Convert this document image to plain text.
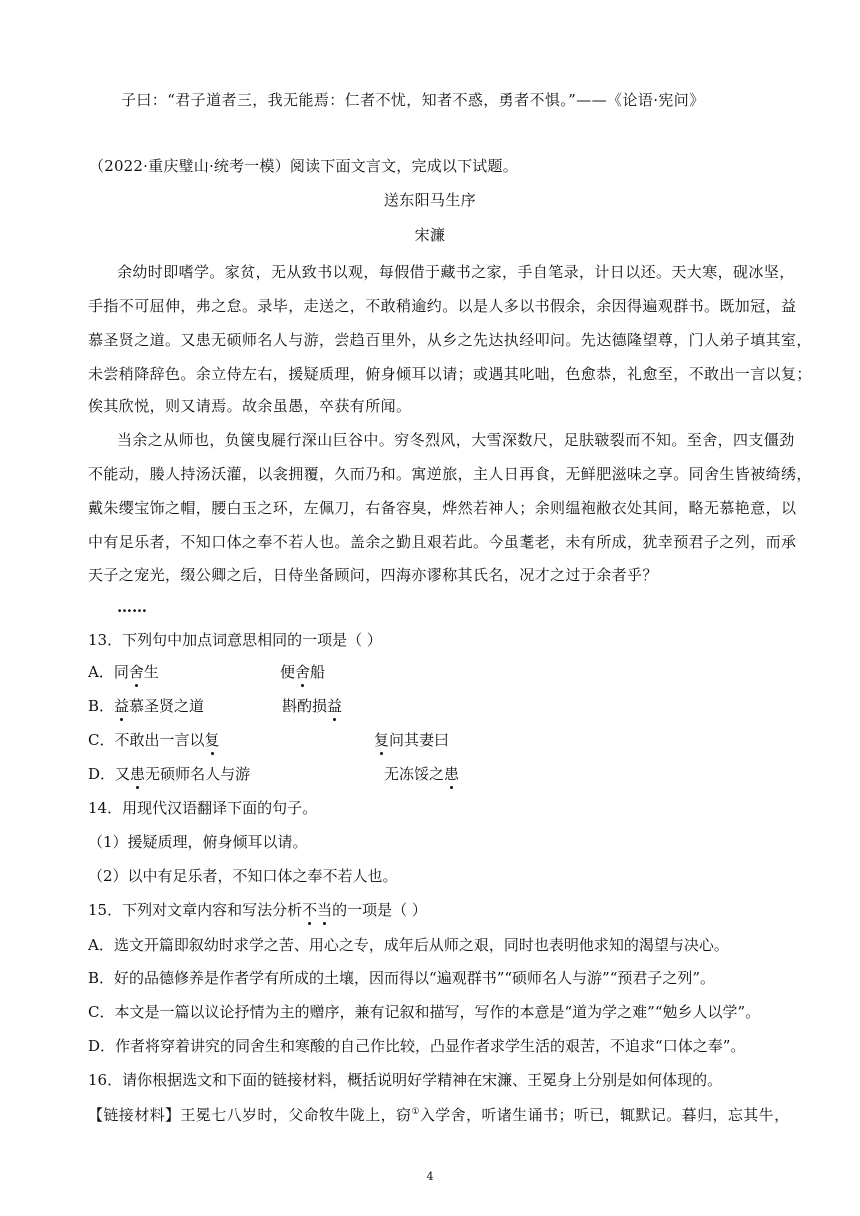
子曰：“君子道者三，我无能焉：仁者不忧，知者不惑，勇者不惧。”——《论语·宪问》
（2022·重庆璧山·统考一模）阅读下面文言文，完成以下试题。
送东阳马生序
宋濂
余幼时即嗜学。家贫，无从致书以观，每假借于藏书之家，手自笔录，计日以还。天大寒，砚冰坚，
手指不可屈伸，弗之怠。录毕，走送之，不敢稍逾约。以是人多以书假余，余因得遍观群书。既加冠，益
慕圣贤之道。又患无硕师名人与游，尝趋百里外，从乡之先达执经叩问。先达德隆望尊，门人弟子填其室，
未尝稍降辞色。余立侍左右，援疑质理，俯身倾耳以请；或遇其叱咄，色愈恭，礼愈至，不敢出一言以复；
俟其欣悦，则又请焉。故余虽愚，卒获有所闻。
当余之从师也，负箧曳屣行深山巨谷中。穷冬烈风，大雪深数尺，足肤皲裂而不知。至舍，四支僵劲
不能动，媵人持汤沃灌，以衾拥覆，久而乃和。寓逆旅，主人日再食，无鲜肥滋味之享。同舍生皆被绮绣，
戴朱缨宝饰之帽，腰白玉之环，左佩刀，右备容臭，烨然若神人；余则缊袍敝衣处其间，略无慕艳意，以
中有足乐者，不知口体之奉不若人也。盖余之勤且艰若此。今虽耄老，未有所成，犹幸预君子之列，而承
天子之宠光，缀公卿之后，日侍坐备顾问，四海亦谬称其氏名，况才之过于余者乎？
……
13．下列句中加点词意思相同的一项是（ ）
A．同舍生	便舍船
B．益慕圣贤之道	斟酌损益
C．不敢出一言以复	复问其妻曰
D．又患无硕师名人与游	无冻馁之患
14．用现代汉语翻译下面的句子。
（1）援疑质理，俯身倾耳以请。
（2）以中有足乐者，不知口体之奉不若人也。
15．下列对文章内容和写法分析不当的一项是（ ）
A．选文开篇即叙幼时求学之苦、用心之专，成年后从师之艰，同时也表明他求知的渴望与决心。
B．好的品德修养是作者学有所成的土壤，因而得以“遍观群书”“硕师名人与游”“预君子之列”。
C．本文是一篇以议论抒情为主的赠序，兼有记叙和描写，写作的本意是“道为学之难”“勉乡人以学”。
D．作者将穿着讲究的同舍生和寒酸的自己作比较，凸显作者求学生活的艰苦，不追求“口体之奉”。
16．请你根据选文和下面的链接材料，概括说明好学精神在宋濂、王冕身上分别是如何体现的。
【链接材料】王冕七八岁时，父命牧牛陇上，窃①入学舍，听诸生诵书；听已，辄默记。暮归，忘其牛，
4
